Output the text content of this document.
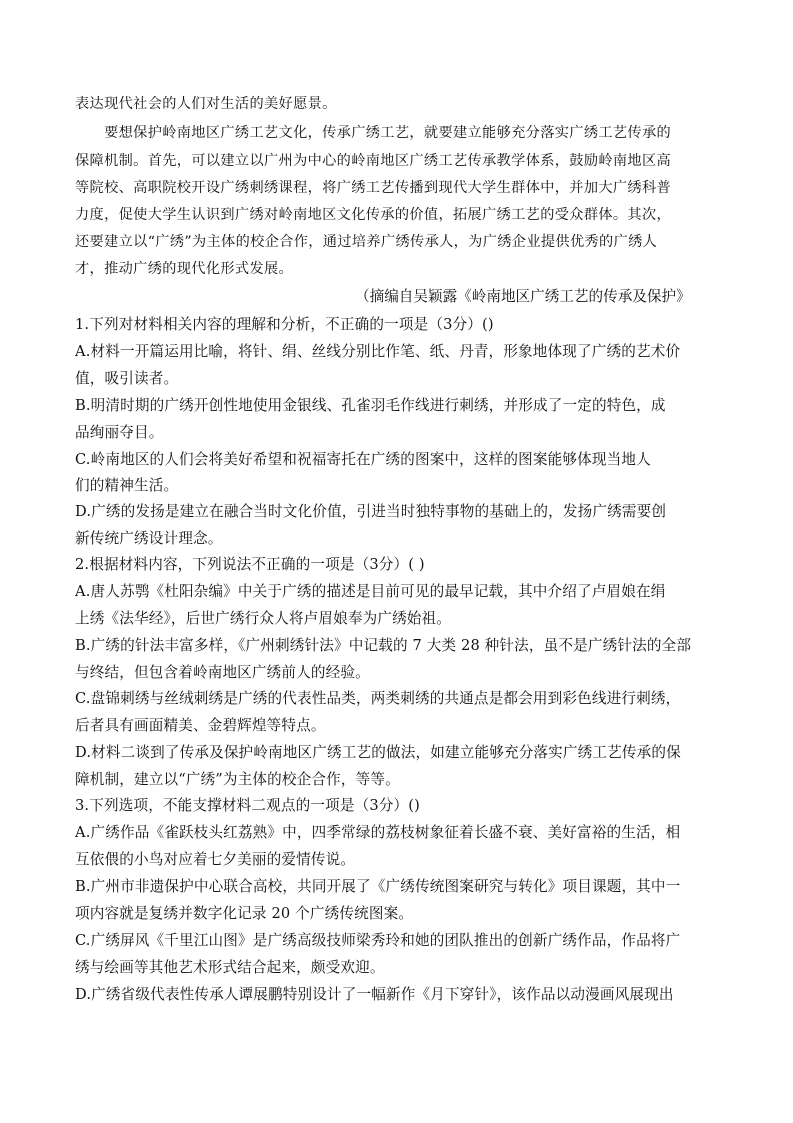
表达现代社会的人们对生活的美好愿景。
　　要想保护岭南地区广绣工艺文化，传承广绣工艺，就要建立能够充分落实广绣工艺传承的
保障机制。首先，可以建立以广州为中心的岭南地区广绣工艺传承教学体系，鼓励岭南地区高
等院校、高职院校开设广绣刺绣课程，将广绣工艺传播到现代大学生群体中，并加大广绣科普
力度，促使大学生认识到广绣对岭南地区文化传承的价值，拓展广绣工艺的受众群体。其次，
还要建立以“广绣”为主体的校企合作，通过培养广绣传承人，为广绣企业提供优秀的广绣人
才，推动广绣的现代化形式发展。
（摘编自吴颖露《岭南地区广绣工艺的传承及保护》
1.下列对材料相关内容的理解和分析，不正确的一项是（3分）()
A.材料一开篇运用比喻，将针、绢、丝线分别比作笔、纸、丹青，形象地体现了广绣的艺术价
值，吸引读者。
B.明清时期的广绣开创性地使用金银线、孔雀羽毛作线进行刺绣，并形成了一定的特色，成
品绚丽夺目。
C.岭南地区的人们会将美好希望和祝福寄托在广绣的图案中，这样的图案能够体现当地人
们的精神生活。
D.广绣的发扬是建立在融合当时文化价值，引进当时独特事物的基础上的，发扬广绣需要创
新传统广绣设计理念。
2.根据材料内容，下列说法不正确的一项是（3分）( )
A.唐人苏鹗《杜阳杂编》中关于广绣的描述是目前可见的最早记载，其中介绍了卢眉娘在绢
上绣《法华经》，后世广绣行众人将卢眉娘奉为广绣始祖。
B.广绣的针法丰富多样，《广州刺绣针法》中记载的 7 大类 28 种针法，虽不是广绣针法的全部
与终结，但包含着岭南地区广绣前人的经验。
C.盘锦刺绣与丝绒刺绣是广绣的代表性品类，两类刺绣的共通点是都会用到彩色线进行刺绣，
后者具有画面精美、金碧辉煌等特点。
D.材料二谈到了传承及保护岭南地区广绣工艺的做法，如建立能够充分落实广绣工艺传承的保
障机制，建立以“广绣”为主体的校企合作，等等。
3.下列选项，不能支撑材料二观点的一项是（3分）()
A.广绣作品《雀跃枝头红荔熟》中，四季常绿的荔枝树象征着长盛不衰、美好富裕的生活，相
互依偎的小鸟对应着七夕美丽的爱情传说。
B.广州市非遗保护中心联合高校，共同开展了《广绣传统图案研究与转化》项目课题，其中一
项内容就是复绣并数字化记录 20 个广绣传统图案。
C.广绣屏风《千里江山图》是广绣高级技师梁秀玲和她的团队推出的创新广绣作品，作品将广
绣与绘画等其他艺术形式结合起来，颇受欢迎。
D.广绣省级代表性传承人谭展鹏特别设计了一幅新作《月下穿针》，该作品以动漫画风展现出
